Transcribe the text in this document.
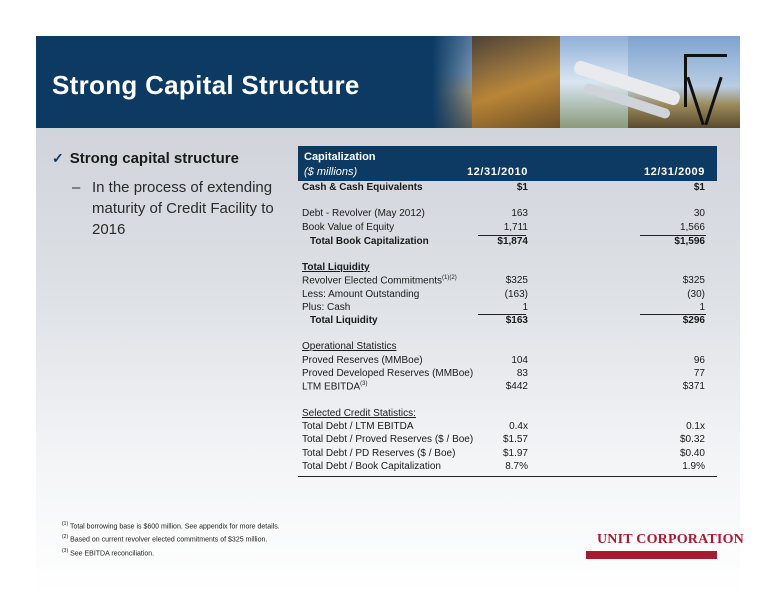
Strong Capital Structure
✓ Strong capital structure
– In the process of extending maturity of Credit Facility to 2016
Capitalization
($ millions)	12/31/2010	12/31/2009
Cash & Cash Equivalents	$1	$1
Debt - Revolver (May 2012)	163	30
Book Value of Equity	1,711	1,566
Total Book Capitalization	$1,874	$1,596
Total Liquidity
Revolver Elected Commitments$^{(1)(2)}$	$325	$325
Less: Amount Outstanding	(163)	(30)
Plus: Cash	1	1
Total Liquidity	$163	$296
Operational Statistics
Proved Reserves (MMBoe)	104	96
Proved Developed Reserves (MMBoe)	83	77
LTM EBITDA$^{(3)}$	$442	$371
Selected Credit Statistics:
Total Debt / LTM EBITDA	0.4x	0.1x
Total Debt / Proved Reserves ($ / Boe)	$1.57	$0.32
Total Debt / PD Reserves ($ / Boe)	$1.97	$0.40
Total Debt / Book Capitalization	8.7%	1.9%
$^{(1)}$ Total borrowing base is $600 million. See appendix for more details.
$^{(2)}$ Based on current revolver elected commitments of $325 million.
$^{(3)}$ See EBITDA reconciliation.
UNIT CORPORATION
